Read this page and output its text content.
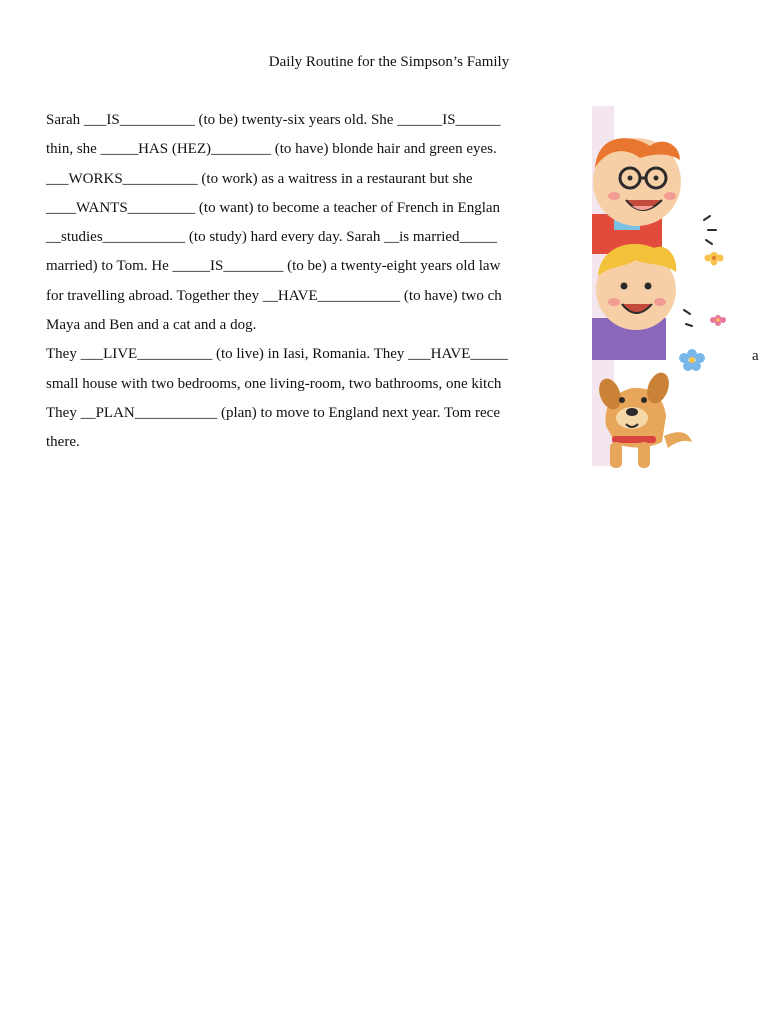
Daily Routine for the Simpson’s Family
Sarah ___IS__________ (to be) twenty-six years old. She ______IS______
thin, she _____HAS (HEZ)________ (to have) blonde hair and green eyes.
___WORKS__________ (to work) as a waitress in a restaurant but she
____WANTS_________ (to want) to become a teacher of French in Englan
__studies___________ (to study) hard every day. Sarah __is married_____
married) to Tom. He _____IS________ (to be) a twenty-eight years old law
for travelling abroad. Together they __HAVE___________ (to have) two ch
Maya and Ben and a cat and a dog.
They ___LIVE__________ (to live) in Iasi, Romania. They ___HAVE_____
small house with two bedrooms, one living-room, two bathrooms, one kitch
They __PLAN___________ (plan) to move to England next year. Tom rece
there.
a
